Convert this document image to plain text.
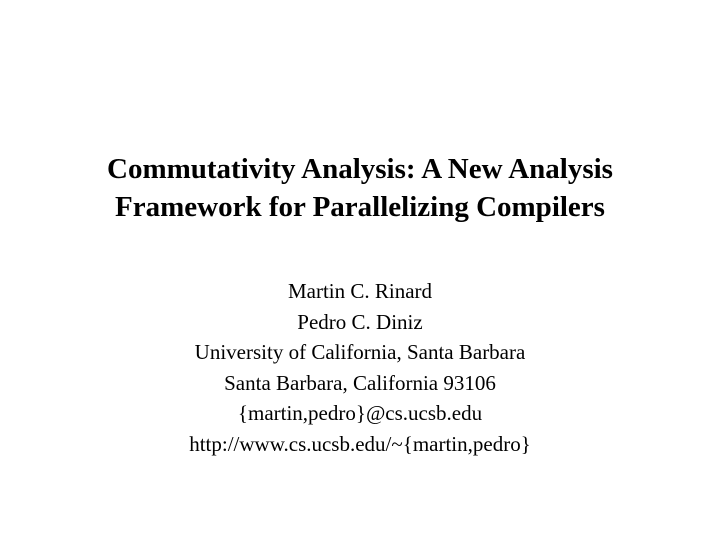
Commutativity Analysis: A New Analysis
Framework for Parallelizing Compilers
Martin C. Rinard
Pedro C. Diniz
University of California, Santa Barbara
Santa Barbara, California 93106
{martin,pedro}@cs.ucsb.edu
http://www.cs.ucsb.edu/~{martin,pedro}
